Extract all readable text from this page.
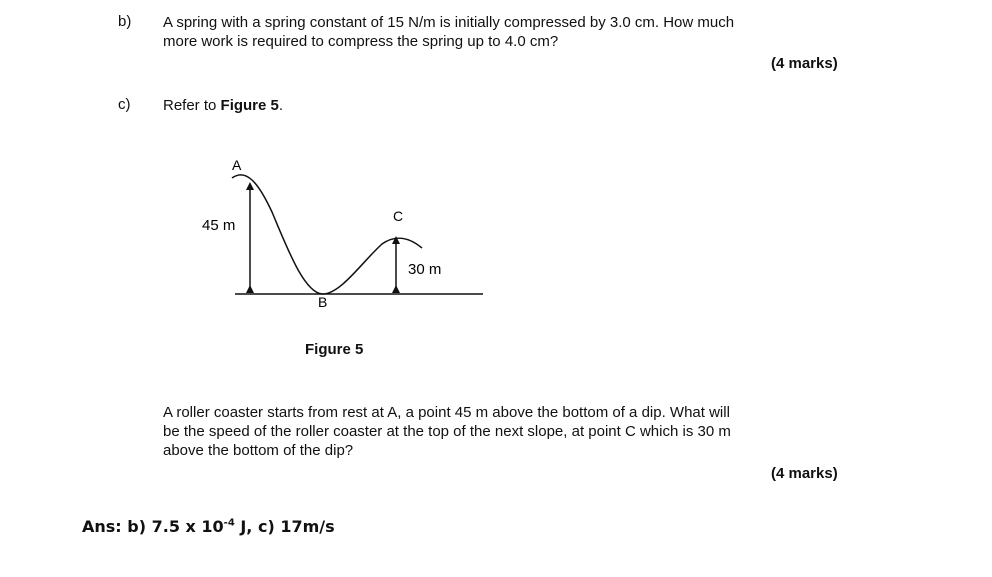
b) A spring with a spring constant of 15 N/m is initially compressed by 3.0 cm. How much
more work is required to compress the spring up to 4.0 cm?
(4 marks)
c) Refer to Figure 5.
A
B
C
45 m
30 m
Figure 5
A roller coaster starts from rest at A, a point 45 m above the bottom of a dip. What will
be the speed of the roller coaster at the top of the next slope, at point C which is 30 m
above the bottom of the dip?
(4 marks)
Ans: b) 7.5 x $10^{-4}$ J, c) 17m/s
